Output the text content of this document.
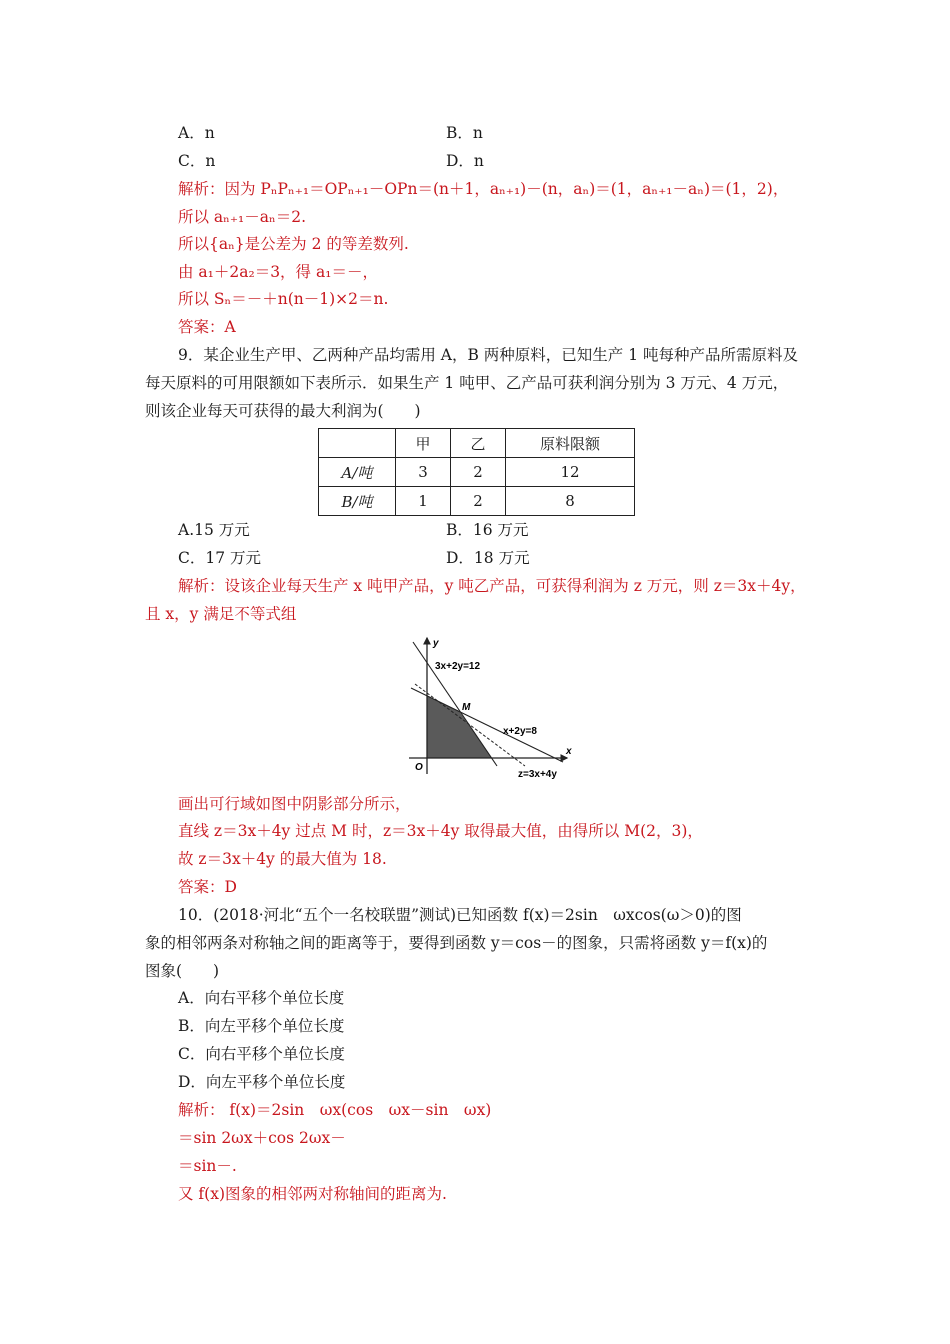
A．n	B．n
C．n	D．n
解析：因为 PₙPₙ₊₁＝OPₙ₊₁－OPn＝(n＋1，aₙ₊₁)－(n，aₙ)＝(1，aₙ₊₁－aₙ)＝(1，2)，
所以 aₙ₊₁－aₙ＝2.
所以{aₙ}是公差为 2 的等差数列.
由 a₁＋2a₂＝3，得 a₁＝－，
所以 Sₙ＝－＋n(n－1)×2＝n.
答案：A
9．某企业生产甲、乙两种产品均需用 A，B 两种原料，已知生产 1 吨每种产品所需原料及
每天原料的可用限额如下表所示．如果生产 1 吨甲、乙产品可获利润分别为 3 万元、4 万元，
则该企业每天可获得的最大利润为(　　)
	甲	乙	原料限额
A/吨	3	2	12
B/吨	1	2	8
A.15 万元	B．16 万元
C．17 万元	D．18 万元
解析：设该企业每天生产 x 吨甲产品，y 吨乙产品，可获得利润为 z 万元，则 z＝3x＋4y，
且 x，y 满足不等式组
y
x
O
M
3x+2y=12
x+2y=8
z=3x+4y
画出可行域如图中阴影部分所示，
直线 z＝3x＋4y 过点 M 时，z＝3x＋4y 取得最大值，由得所以 M(2，3)，
故 z＝3x＋4y 的最大值为 18.
答案：D
10．(2018·河北“五个一名校联盟”测试)已知函数 f(x)＝2sin　ωxcos(ω＞0)的图
象的相邻两条对称轴之间的距离等于，要得到函数 y＝cos－的图象，只需将函数 y＝f(x)的
图象(　　)
A．向右平移个单位长度
B．向左平移个单位长度
C．向右平移个单位长度
D．向左平移个单位长度
解析： f(x)＝2sin　ωx(cos　ωx－sin　ωx)
＝sin 2ωx＋cos 2ωx－
＝sin－.
又 f(x)图象的相邻两对称轴间的距离为.
